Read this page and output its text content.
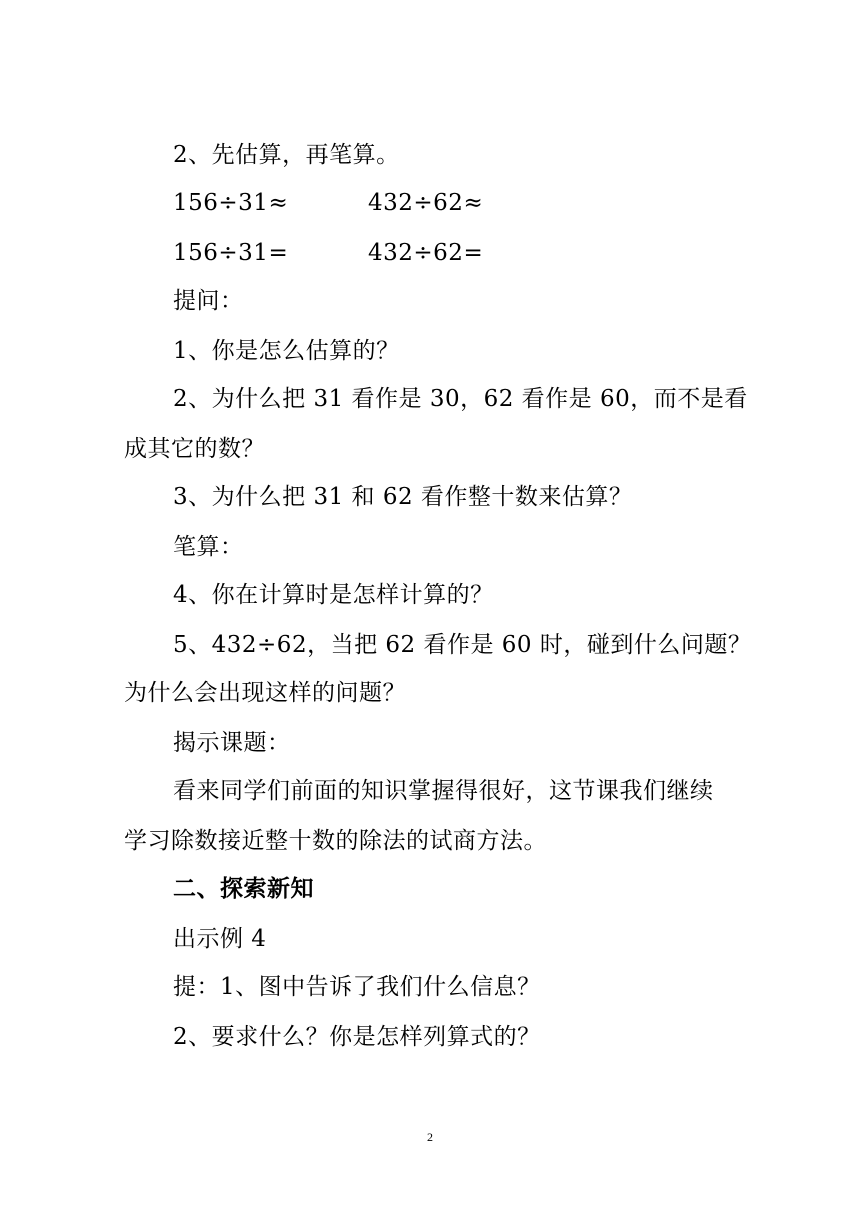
2、先估算，再笔算。
156÷31≈	432÷62≈
156÷31=	432÷62=
提问：
1、你是怎么估算的？
2、为什么把 31 看作是 30，62 看作是 60，而不是看
成其它的数？
3、为什么把 31 和 62 看作整十数来估算？
笔算：
4、你在计算时是怎样计算的？
5、432÷62，当把 62 看作是 60 时，碰到什么问题？
为什么会出现这样的问题？
揭示课题：
看来同学们前面的知识掌握得很好，这节课我们继续
学习除数接近整十数的除法的试商方法。
二、探索新知
出示例 4
提：1、图中告诉了我们什么信息？
2、要求什么？你是怎样列算式的？
2
